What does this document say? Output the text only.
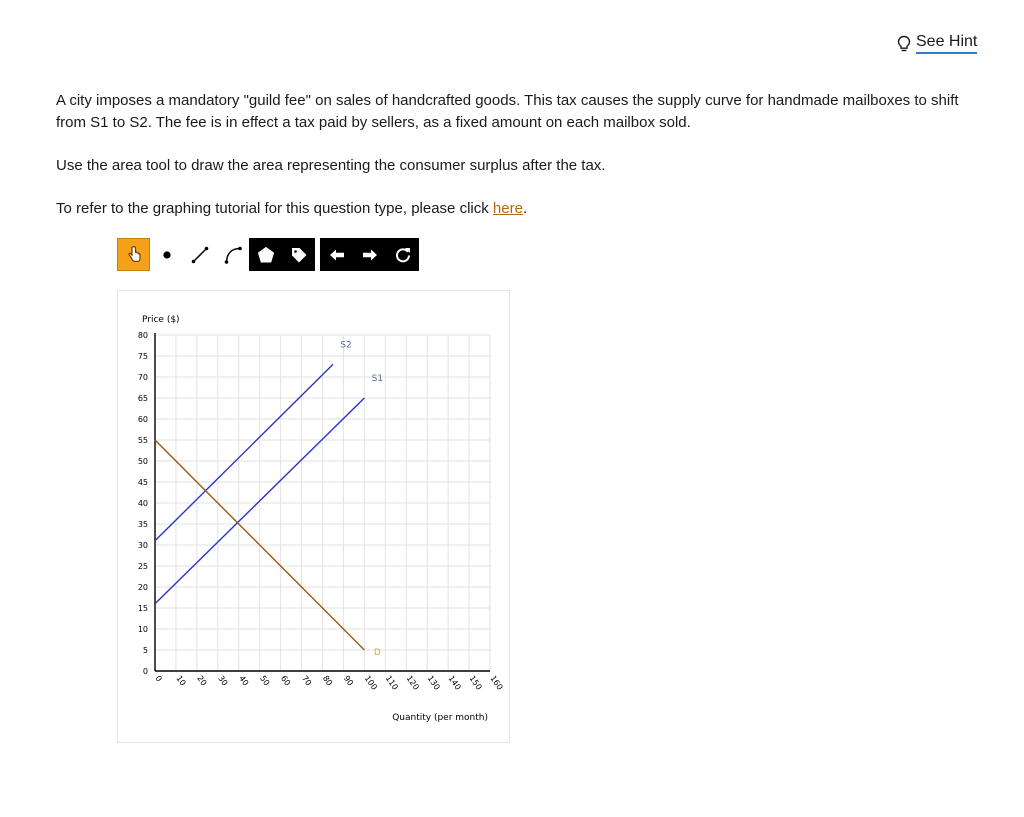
See Hint

A city imposes a mandatory "guild fee" on sales of handcrafted goods. This tax causes the supply curve for handmade mailboxes to shift from S1 to S2. The fee is in effect a tax paid by sellers, as a fixed amount on each mailbox sold.

Use the area tool to draw the area representing the consumer surplus after the tax.

To refer to the graphing tutorial for this question type, please click here.

0
5
10
15
20
25
30
35
40
45
50
55
60
65
70
75
80
0 10 20 30 40 50 60 70 80 90 100 110 120 130 140 150 160
Price ($)
Quantity (per month)
S2
S1
D
